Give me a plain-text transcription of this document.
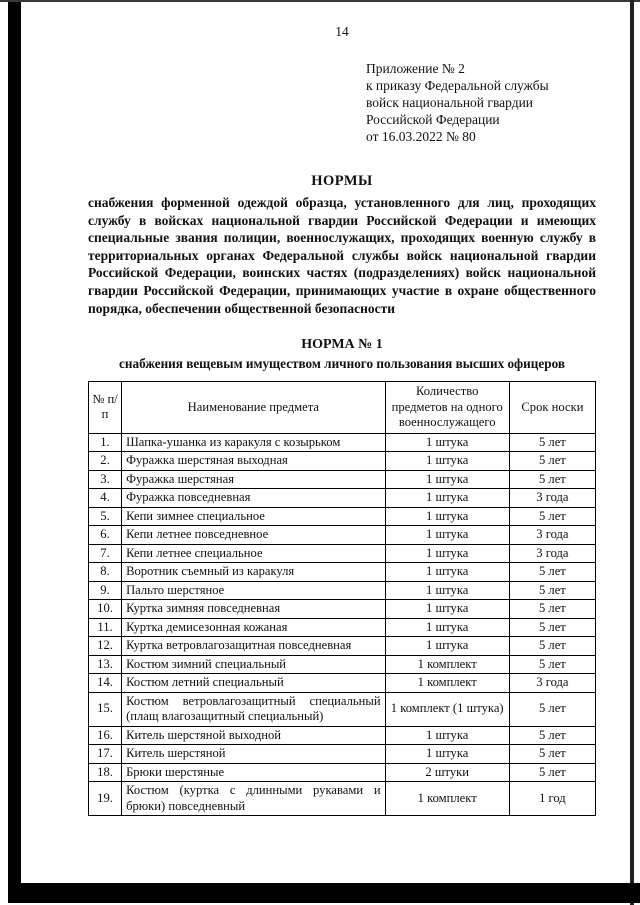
14
Приложение № 2
к приказу Федеральной службы
войск национальной гвардии
Российской Федерации
от 16.03.2022 № 80
НОРМЫ
снабжения форменной одеждой образца, установленного для лиц, проходящих службу в войсках национальной гвардии Российской Федерации и имеющих специальные звания полиции, военнослужащих, проходящих военную службу в территориальных органах Федеральной службы войск национальной гвардии Российской Федерации, воинских частях (подразделениях) войск национальной гвардии Российской Федерации, принимающих участие в охране общественного порядка, обеспечении общественной безопасности
НОРМА № 1
снабжения вещевым имуществом личного пользования высших офицеров
№ п/п	Наименование предмета	Количество предметов на одного военнослужащего	Срок носки
1.	Шапка-ушанка из каракуля с козырьком	1 штука	5 лет
2.	Фуражка шерстяная выходная	1 штука	5 лет
3.	Фуражка шерстяная	1 штука	5 лет
4.	Фуражка повседневная	1 штука	3 года
5.	Кепи зимнее специальное	1 штука	5 лет
6.	Кепи летнее повседневное	1 штука	3 года
7.	Кепи летнее специальное	1 штука	3 года
8.	Воротник съемный из каракуля	1 штука	5 лет
9.	Пальто шерстяное	1 штука	5 лет
10.	Куртка зимняя повседневная	1 штука	5 лет
11.	Куртка демисезонная кожаная	1 штука	5 лет
12.	Куртка ветровлагозащитная повседневная	1 штука	5 лет
13.	Костюм зимний специальный	1 комплект	5 лет
14.	Костюм летний специальный	1 комплект	3 года
15.	Костюм ветровлагозащитный специальный (плащ влагозащитный специальный)	1 комплект (1 штука)	5 лет
16.	Китель шерстяной выходной	1 штука	5 лет
17.	Китель шерстяной	1 штука	5 лет
18.	Брюки шерстяные	2 штуки	5 лет
19.	Костюм (куртка с длинными рукавами и брюки) повседневный	1 комплект	1 год
